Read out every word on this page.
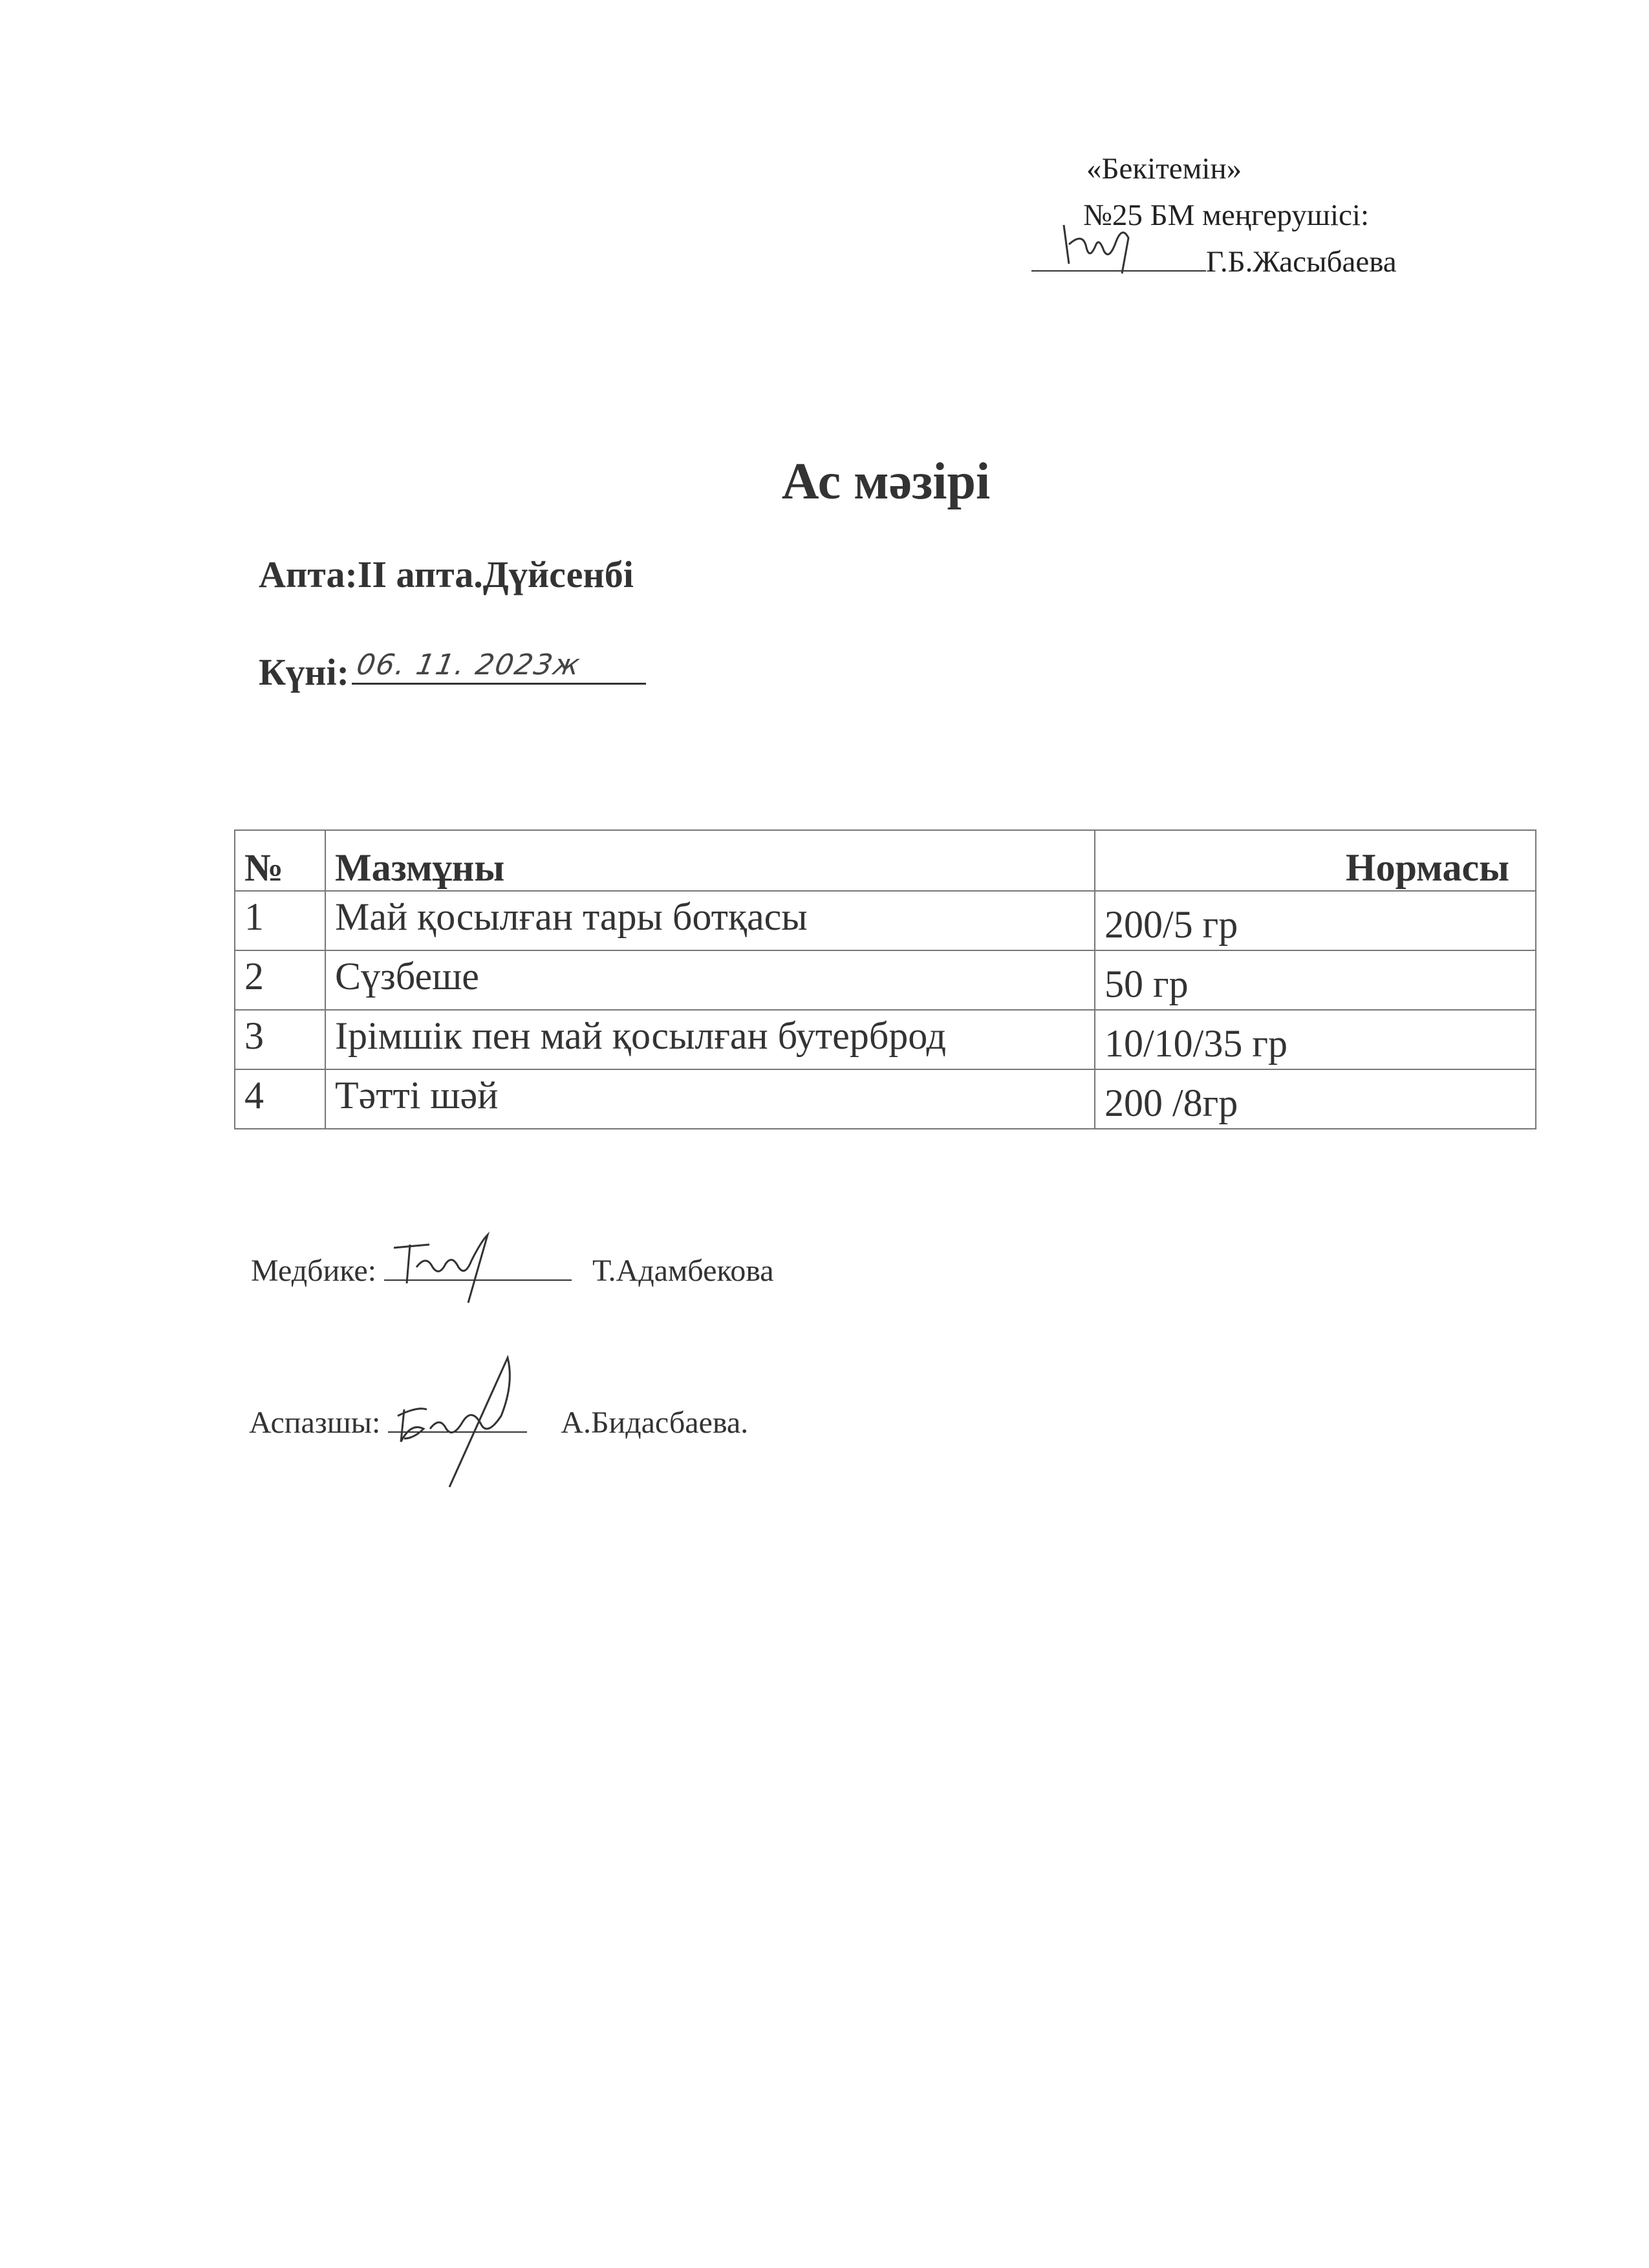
«Бекітемін»
№25 БМ меңгерушісі:
Г.Б.Жасыбаева
Ас мәзірі
Апта:ІІ апта.Дүйсенбі
Күні: 06. 11. 2023ж
№	Мазмұны	Нормасы
1	Май қосылған тары ботқасы	200/5 гр
2	Сүзбеше	50 гр
3	Ірімшік пен май қосылған бутерброд	10/10/35 гр
4	Тәтті шәй	200 /8гр
Медбике:	Т.Адамбекова
Аспазшы:	А.Бидасбаева.
